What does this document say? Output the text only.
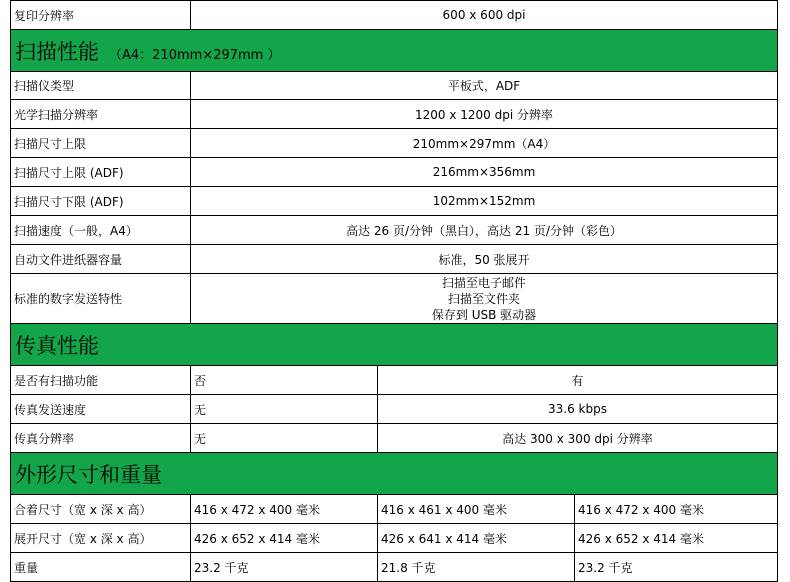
复印分辨率	600 x 600 dpi		
扫描性能 （A4：210mm×297mm ）			
扫描仪类型	平板式，ADF		
光学扫描分辨率	1200 x 1200 dpi 分辨率		
扫描尺寸上限	210mm×297mm（A4）		
扫描尺寸上限 (ADF)	216mm×356mm		
扫描尺寸下限 (ADF)	102mm×152mm		
扫描速度（一般，A4）	高达 26 页/分钟（黑白），高达 21 页/分钟（彩色）		
自动文件进纸器容量	标准，50 张展开		
标准的数字发送特性	扫描至电子邮件
扫描至文件夹
保存到 USB 驱动器		

传真性能			
是否有扫描功能	否	有	
传真发送速度	无	33.6 kbps	
传真分辨率	无	高达 300 x 300 dpi 分辨率	
外形尺寸和重量			
合着尺寸（宽 x 深 x 高）	416 x 472 x 400 毫米	416 x 461 x 400 毫米	416 x 472 x 400 毫米
展开尺寸（宽 x 深 x 高）	426 x 652 x 414 毫米	426 x 641 x 414 毫米	426 x 652 x 414 毫米
重量	23.2 千克	21.8 千克	23.2 千克
